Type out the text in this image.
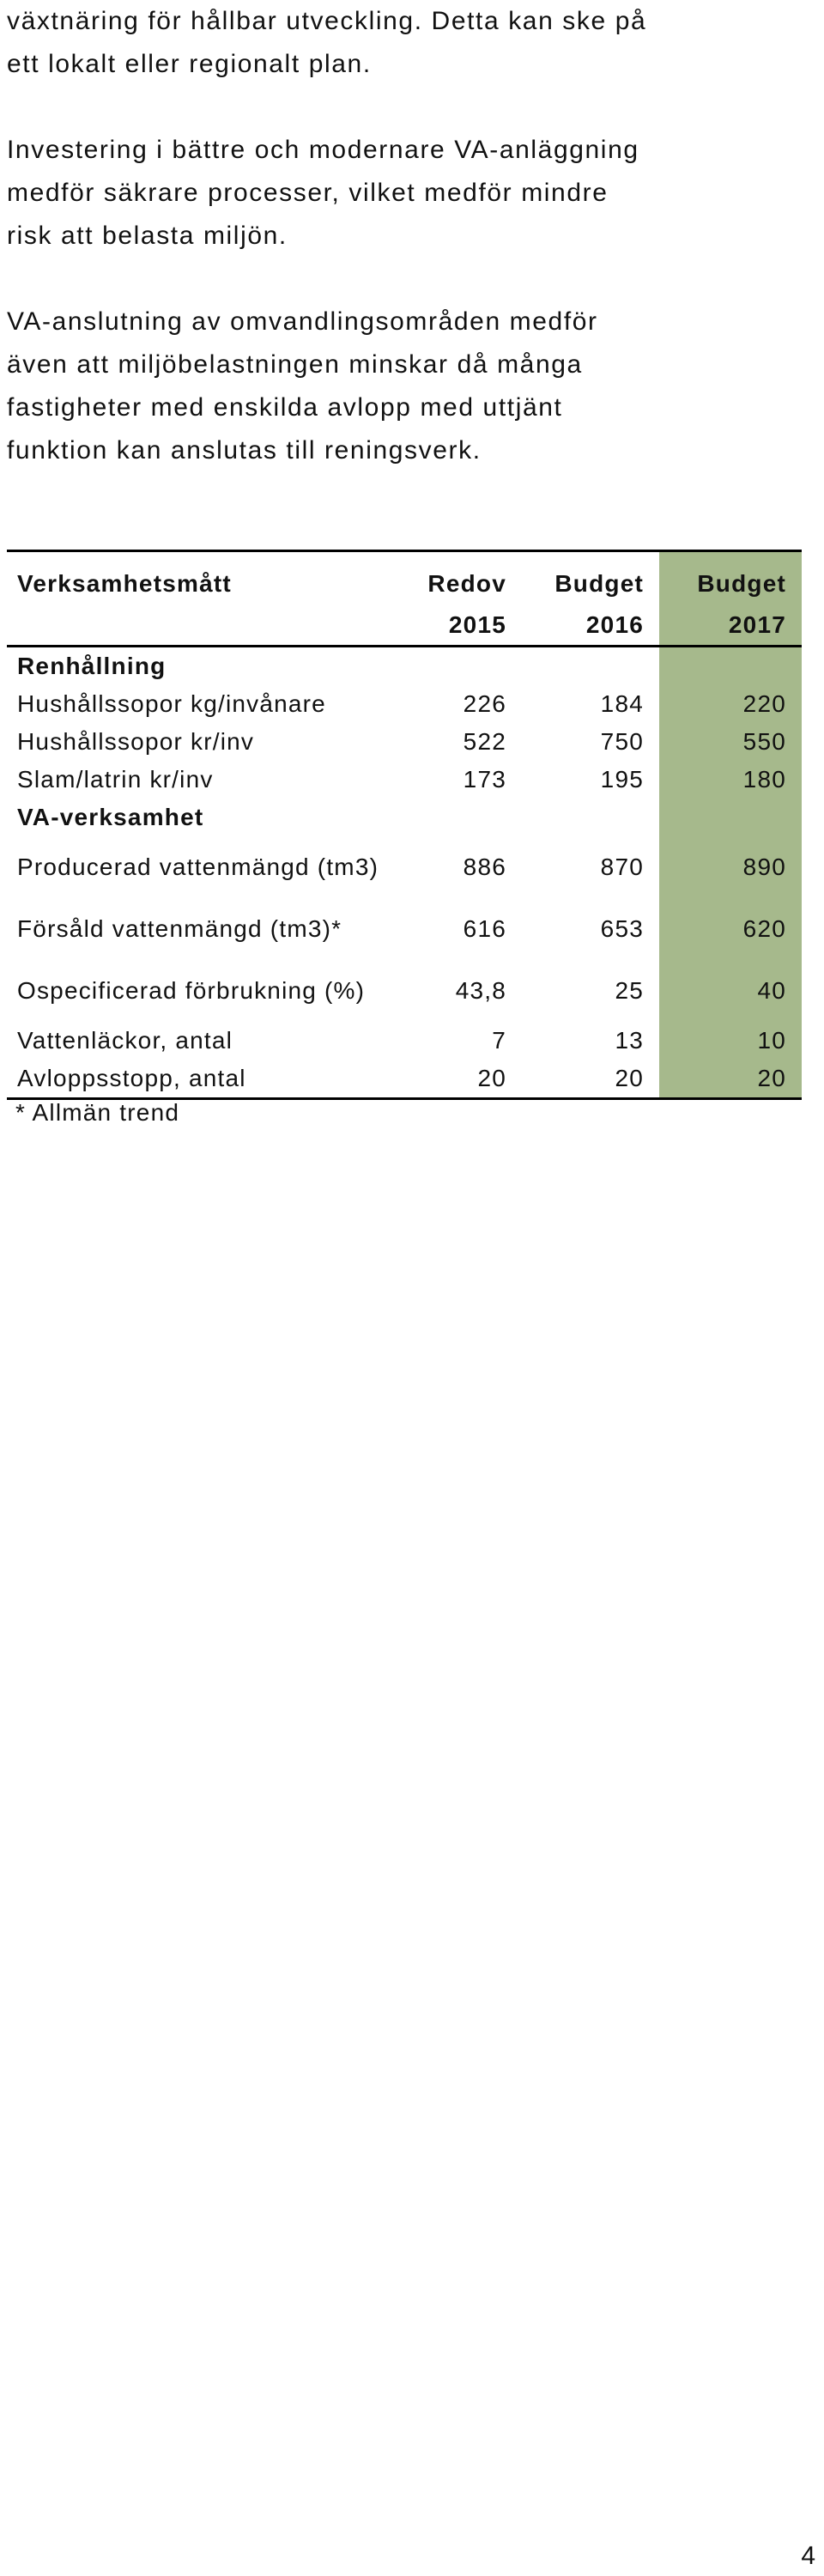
växtnäring för hållbar utveckling. Detta kan ske på
ett lokalt eller regionalt plan.

Investering i bättre och modernare VA-anläggning
medför säkrare processer, vilket medför mindre
risk att belasta miljön.

VA-anslutning av omvandlingsområden medför
även att miljöbelastningen minskar då många
fastigheter med enskilda avlopp med uttjänt
funktion kan anslutas till reningsverk.

Verksamhetsmått	Redov	Budget	Budget
	2015	2016	2017
Renhållning			
Hushållssopor kg/invånare	226	184	220
Hushållssopor kr/inv	522	750	550
Slam/latrin kr/inv	173	195	180
VA-verksamhet			
Producerad vattenmängd (tm3)	886	870	890
Försåld vattenmängd (tm3)*	616	653	620
Ospecificerad förbrukning (%)	43,8	25	40
Vattenläckor, antal	7	13	10
Avloppsstopp, antal	20	20	20
* Allmän trend
4
